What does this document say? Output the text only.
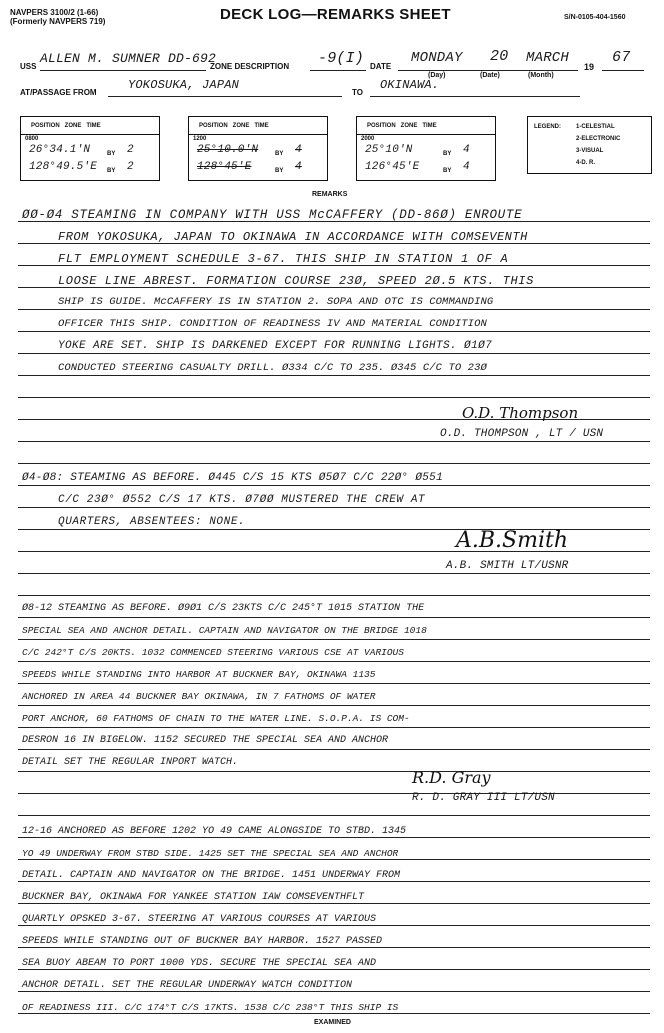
NAVPERS 3100/2 (1-66)
(Formerly NAVPERS 719)	DECK LOG—REMARKS SHEET	S/N-0105-404-1560
USS
ALLEN M. SUMNER DD-692
ZONE DESCRIPTION -9(I) DATE
MONDAY 20 MARCH
19
67
(Day)	(Date)	(Month)
AT/PASSAGE FROM
YOKOSUKA, JAPAN
TO
OKINAWA.
POSITION   ZONE   TIME
0800
26°34.1'N	BY 2
128°49.5'E BY 2
POSITION   ZONE   TIME
1200
25°10.0'N	BY 4
128°45'E	BY 4
POSITION   ZONE   TIME
2000
25°10'N	BY 4
126°45'E	BY 4
LEGEND:	1-CELESTIAL
2-ELECTRONIC
3-VISUAL
4-D. R.
REMARKS
ØØ-Ø4 STEAMING IN COMPANY WITH USS McCAFFERY (DD-86Ø) ENROUTE
FROM YOKOSUKA, JAPAN TO OKINAWA IN ACCORDANCE WITH COMSEVENTH
FLT EMPLOYMENT SCHEDULE 3-67. THIS SHIP IN STATION 1 OF A
LOOSE LINE ABREST. FORMATION COURSE 23Ø, SPEED 2Ø.5 KTS. THIS
SHIP IS GUIDE. McCAFFERY IS IN STATION 2. SOPA AND OTC IS COMMANDING
OFFICER THIS SHIP. CONDITION OF READINESS IV AND MATERIAL CONDITION
YOKE ARE SET. SHIP IS DARKENED EXCEPT FOR RUNNING LIGHTS. Ø1Ø7
CONDUCTED STEERING CASUALTY DRILL. Ø334 C/C TO 235. Ø345 C/C TO 23Ø
O.D. Thompson
O.D. THOMPSON , LT / USN
Ø4-Ø8: STEAMING AS BEFORE. Ø445 C/S 15 KTS Ø5Ø7 C/C 22Ø° Ø551
C/C 23Ø° Ø552 C/S 17 KTS. Ø7ØØ MUSTERED THE CREW AT
QUARTERS, ABSENTEES: NONE.
A.B.Smith
A.B. SMITH LT/USNR
Ø8-12 STEAMING AS BEFORE. Ø9Ø1 C/S 23KTS C/C 245°T 1015 STATION THE
SPECIAL SEA AND ANCHOR DETAIL. CAPTAIN AND NAVIGATOR ON THE BRIDGE 1018
C/C 242°T C/S 20KTS. 1032 COMMENCED STEERING VARIOUS CSE AT VARIOUS
SPEEDS WHILE STANDING INTO HARBOR AT BUCKNER BAY, OKINAWA 1135
ANCHORED IN AREA 44 BUCKNER BAY OKINAWA, IN 7 FATHOMS OF WATER
PORT ANCHOR, 60 FATHOMS OF CHAIN TO THE WATER LINE. S.O.P.A. IS COM-
DESRON 16 IN BIGELOW. 1152 SECURED THE SPECIAL SEA AND ANCHOR
DETAIL SET THE REGULAR INPORT WATCH.
R.D. Gray
R. D. GRAY III LT/USN
12-16 ANCHORED AS BEFORE 1202 YO 49 CAME ALONGSIDE TO STBD. 1345
YO 49 UNDERWAY FROM STBD SIDE. 1425 SET THE SPECIAL SEA AND ANCHOR
DETAIL. CAPTAIN AND NAVIGATOR ON THE BRIDGE. 1451 UNDERWAY FROM
BUCKNER BAY, OKINAWA FOR YANKEE STATION IAW COMSEVENTHFLT
QUARTLY OPSKED 3-67. STEERING AT VARIOUS COURSES AT VARIOUS
SPEEDS WHILE STANDING OUT OF BUCKNER BAY HARBOR. 1527 PASSED
SEA BUOY ABEAM TO PORT 1000 YDS. SECURE THE SPECIAL SEA AND
ANCHOR DETAIL. SET THE REGULAR UNDERWAY WATCH CONDITION
OF READINESS III. C/C 174°T C/S 17KTS. 1538 C/C 238°T THIS SHIP IS
EXAMINED
